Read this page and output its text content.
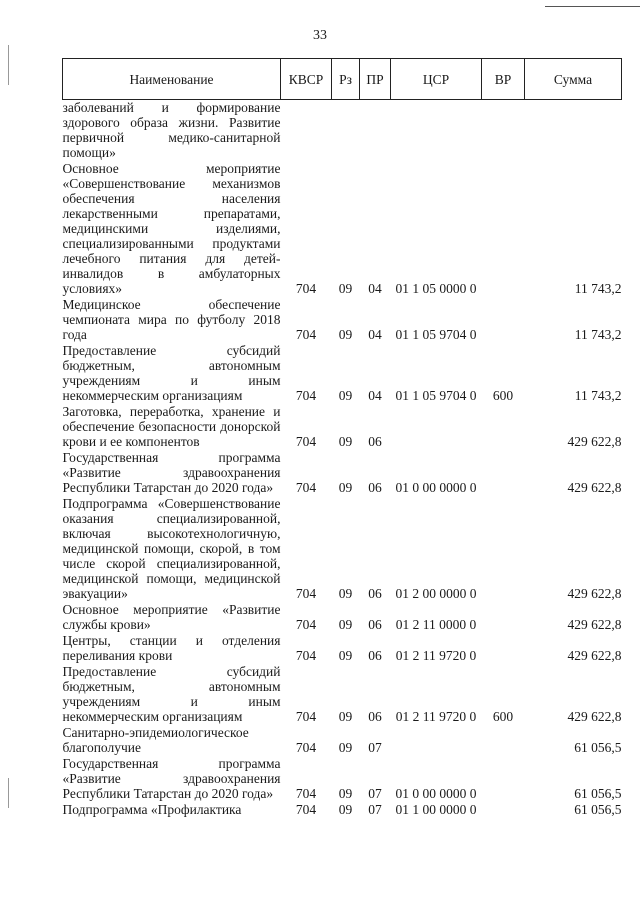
33
Наименование	КВСР	Рз	ПР	ЦСР	ВР	Сумма
заболеваний и формирование здорового образа жизни. Развитие первичной медико-санитарной помощи»						
Основное мероприятие «Совершенствование механизмов обеспечения населения лекарственными препаратами, медицинскими изделиями, специализированными продуктами лечебного питания для детей-инвалидов в амбулаторных условиях»	704	09	04	01 1 05 0000 0		11 743,2
Медицинское обеспечение чемпионата мира по футболу 2018 года	704	09	04	01 1 05 9704 0		11 743,2
Предоставление субсидий бюджетным, автономным учреждениям и иным некоммерческим организациям	704	09	04	01 1 05 9704 0	600	11 743,2
Заготовка, переработка, хранение и обеспечение безопасности донорской крови и ее компонентов	704	09	06			429 622,8
Государственная программа «Развитие здравоохранения Республики Татарстан до 2020 года»	704	09	06	01 0 00 0000 0		429 622,8
Подпрограмма «Совершенствование оказания специализированной, включая высокотехнологичную, медицинской помощи, скорой, в том числе скорой специализированной, медицинской помощи, медицинской эвакуации»	704	09	06	01 2 00 0000 0		429 622,8
Основное мероприятие «Развитие службы крови»	704	09	06	01 2 11 0000 0		429 622,8
Центры, станции и отделения переливания крови	704	09	06	01 2 11 9720 0		429 622,8
Предоставление субсидий бюджетным, автономным учреждениям и иным некоммерческим организациям	704	09	06	01 2 11 9720 0	600	429 622,8
Санитарно-эпидемиологическое благополучие	704	09	07			61 056,5
Государственная программа «Развитие здравоохранения Республики Татарстан до 2020 года»	704	09	07	01 0 00 0000 0		61 056,5
Подпрограмма «Профилактика	704	09	07	01 1 00 0000 0		61 056,5
